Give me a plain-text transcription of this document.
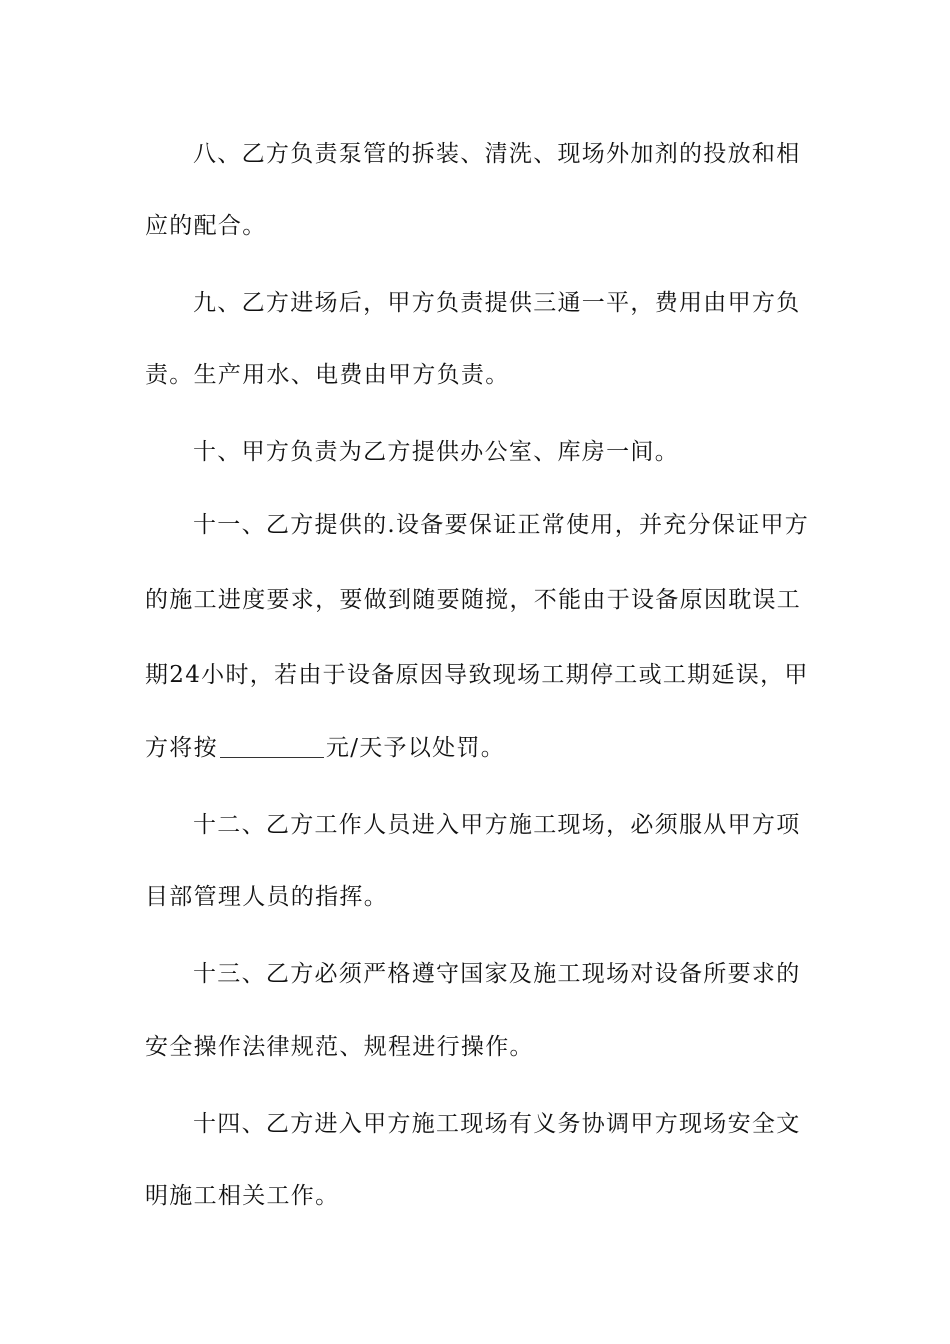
八、乙方负责泵管的拆装、清洗、现场外加剂的投放和相
应的配合。
九、乙方进场后，甲方负责提供三通一平，费用由甲方负
责。生产用水、电费由甲方负责。
十、甲方负责为乙方提供办公室、库房一间。
十一、乙方提供的.设备要保证正常使用，并充分保证甲方
的施工进度要求，要做到随要随搅，不能由于设备原因耽误工
期24小时，若由于设备原因导致现场工期停工或工期延误，甲
方将按	元/天予以处罚。
十二、乙方工作人员进入甲方施工现场，必须服从甲方项
目部管理人员的指挥。
十三、乙方必须严格遵守国家及施工现场对设备所要求的
安全操作法律规范、规程进行操作。
十四、乙方进入甲方施工现场有义务协调甲方现场安全文
明施工相关工作。
